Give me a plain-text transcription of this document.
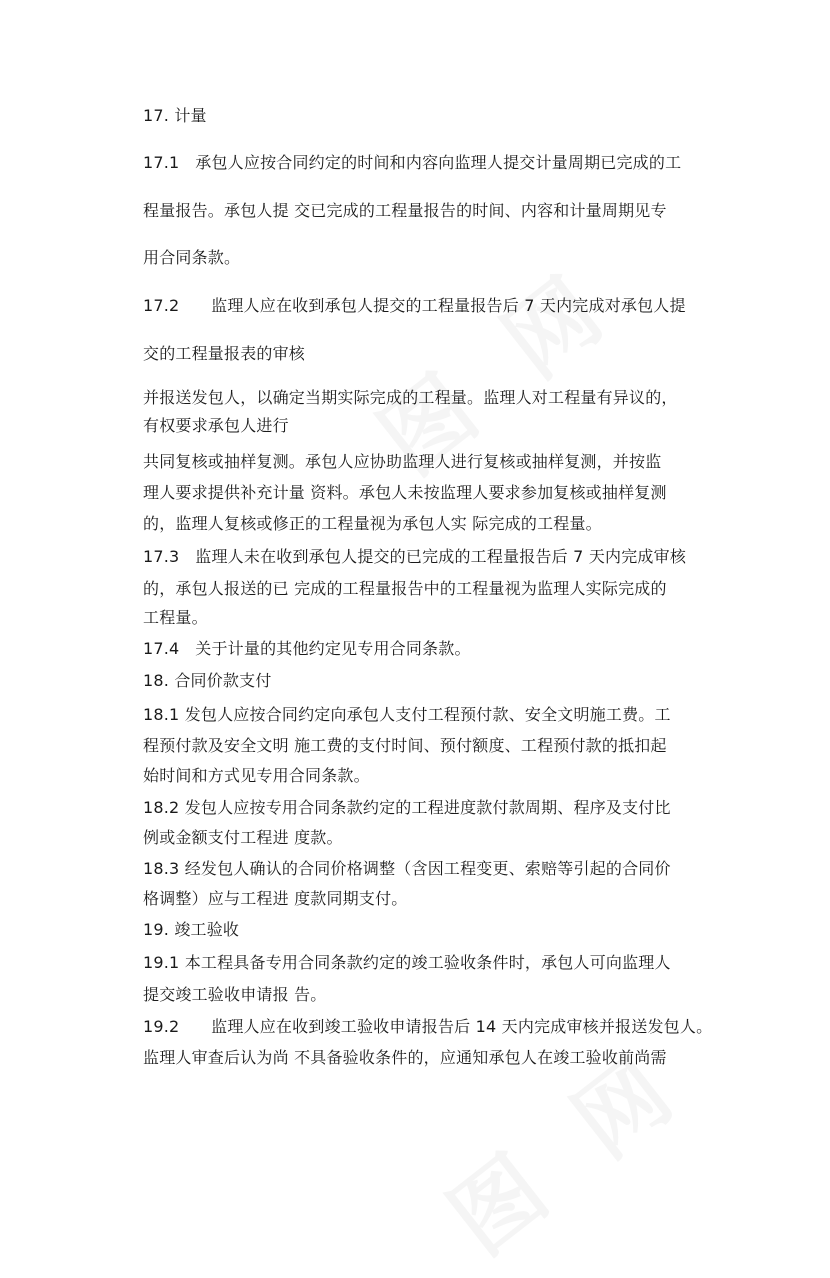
17. 计量
17.1   承包人应按合同约定的时间和内容向监理人提交计量周期已完成的工
程量报告。承包人提 交已完成的工程量报告的时间、内容和计量周期见专
用合同条款。
17.2      监理人应在收到承包人提交的工程量报告后 7 天内完成对承包人提
交的工程量报表的审核
并报送发包人，以确定当期实际完成的工程量。监理人对工程量有异议的，
有权要求承包人进行
共同复核或抽样复测。承包人应协助监理人进行复核或抽样复测，并按监
理人要求提供补充计量 资料。承包人未按监理人要求参加复核或抽样复测
的，监理人复核或修正的工程量视为承包人实 际完成的工程量。
17.3   监理人未在收到承包人提交的已完成的工程量报告后 7 天内完成审核
的，承包人报送的已 完成的工程量报告中的工程量视为监理人实际完成的
工程量。
17.4   关于计量的其他约定见专用合同条款。
18. 合同价款支付
18.1 发包人应按合同约定向承包人支付工程预付款、安全文明施工费。工
程预付款及安全文明 施工费的支付时间、预付额度、工程预付款的抵扣起
始时间和方式见专用合同条款。
18.2 发包人应按专用合同条款约定的工程进度款付款周期、程序及支付比
例或金额支付工程进 度款。
18.3 经发包人确认的合同价格调整（含因工程变更、索赔等引起的合同价
格调整）应与工程进 度款同期支付。
19. 竣工验收
19.1 本工程具备专用合同条款约定的竣工验收条件时，承包人可向监理人
提交竣工验收申请报 告。
19.2      监理人应在收到竣工验收申请报告后 14 天内完成审核并报送发包人。
监理人审查后认为尚 不具备验收条件的，应通知承包人在竣工验收前尚需
